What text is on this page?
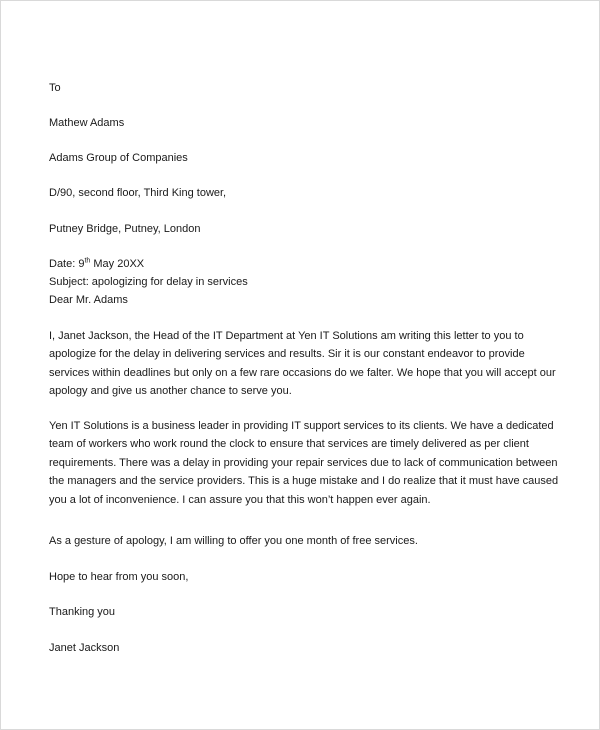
To
Mathew Adams
Adams Group of Companies
D/90, second floor, Third King tower,
Putney Bridge, Putney, London
Date: 9th May 20XX
Subject: apologizing for delay in services
Dear Mr. Adams
I, Janet Jackson, the Head of the IT Department at Yen IT Solutions am writing this letter to you to apologize for the delay in delivering services and results. Sir it is our constant endeavor to provide services within deadlines but only on a few rare occasions do we falter. We hope that you will accept our apology and give us another chance to serve you.
Yen IT Solutions is a business leader in providing IT support services to its clients. We have a dedicated team of workers who work round the clock to ensure that services are timely delivered as per client requirements. There was a delay in providing your repair services due to lack of communication between the managers and the service providers. This is a huge mistake and I do realize that it must have caused you a lot of inconvenience. I can assure you that this won’t happen ever again.
As a gesture of apology, I am willing to offer you one month of free services.
Hope to hear from you soon,
Thanking you
Janet Jackson
